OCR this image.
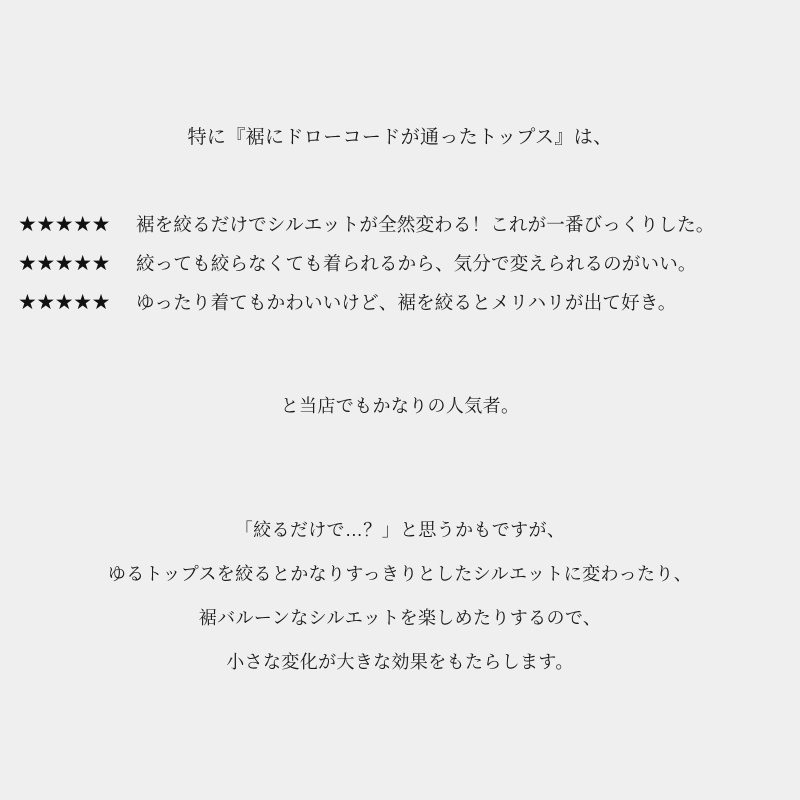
特に『裾にドローコードが通ったトップス』は、
★★★★★ 裾を絞るだけでシルエットが全然変わる！これが一番びっくりした。
★★★★★ 絞っても絞らなくても着られるから、気分で変えられるのがいい。
★★★★★ ゆったり着てもかわいいけど、裾を絞るとメリハリが出て好き。
と当店でもかなりの人気者。
「絞るだけで…？」と思うかもですが、
ゆるトップスを絞るとかなりすっきりとしたシルエットに変わったり、
裾バルーンなシルエットを楽しめたりするので、
小さな変化が大きな効果をもたらします。
